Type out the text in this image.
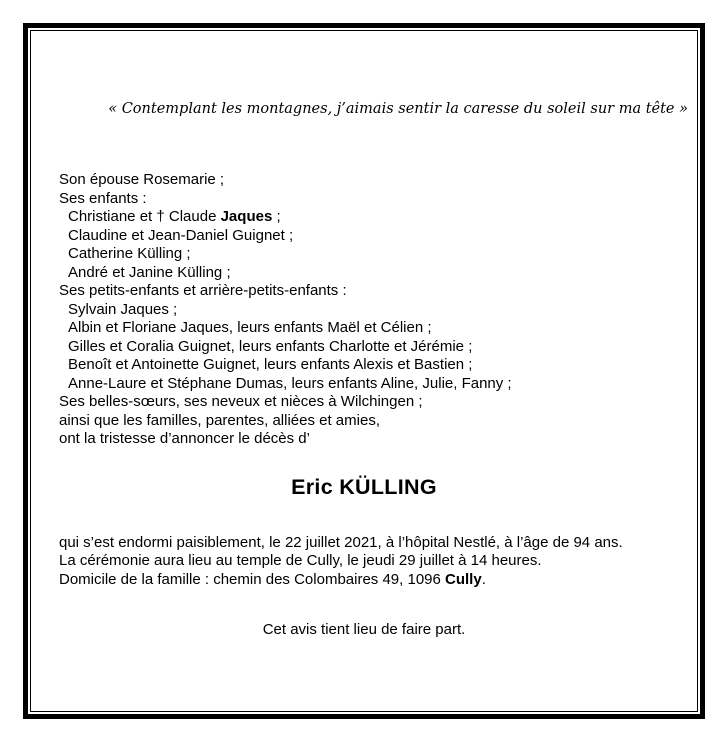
« Contemplant les montagnes, j’aimais sentir la caresse du soleil sur ma tête »
Son épouse Rosemarie ;
Ses enfants :
Christiane et † Claude Jaques ;
Claudine et Jean-Daniel Guignet ;
Catherine Külling ;
André et Janine Külling ;
Ses petits-enfants et arrière-petits-enfants :
Sylvain Jaques ;
Albin et Floriane Jaques, leurs enfants Maël et Célien ;
Gilles et Coralia Guignet, leurs enfants Charlotte et Jérémie ;
Benoît et Antoinette Guignet, leurs enfants Alexis et Bastien ;
Anne-Laure et Stéphane Dumas, leurs enfants Aline, Julie, Fanny ;
Ses belles-sœurs, ses neveux et nièces à Wilchingen ;
ainsi que les familles, parentes, alliées et amies,
ont la tristesse d’annoncer le décès d’
Eric KÜLLING
qui s’est endormi paisiblement, le 22 juillet 2021, à l’hôpital Nestlé, à l’âge de 94 ans.
La cérémonie aura lieu au temple de Cully, le jeudi 29 juillet à 14 heures.
Domicile de la famille : chemin des Colombaires 49, 1096 Cully.
Cet avis tient lieu de faire part.
